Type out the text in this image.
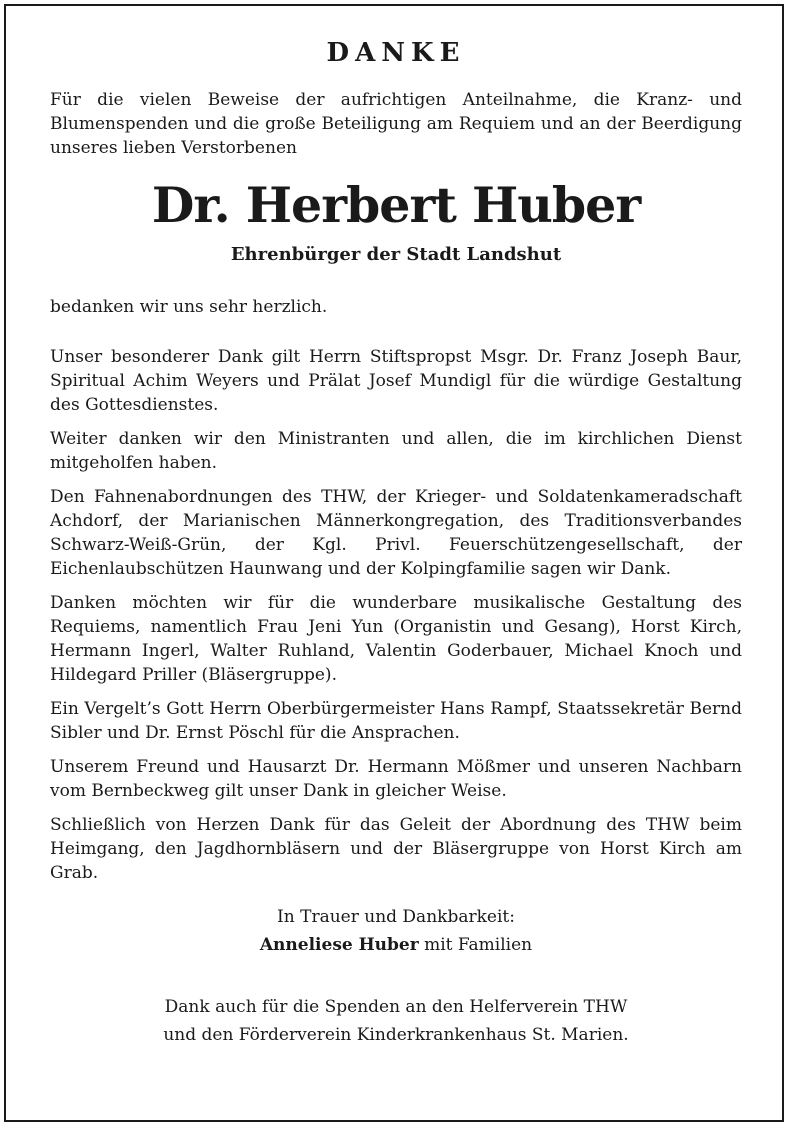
DANKE

Für die vielen Beweise der aufrichtigen Anteilnahme, die Kranz- und Blumenspenden und die große Beteiligung am Requiem und an der Beerdigung unseres lieben Verstorbenen

Dr. Herbert Huber
Ehrenbürger der Stadt Landshut

bedanken wir uns sehr herzlich.

Unser besonderer Dank gilt Herrn Stiftspropst Msgr. Dr. Franz Joseph Baur, Spiritual Achim Weyers und Prälat Josef Mundigl für die würdige Gestaltung des Gottesdienstes.

Weiter danken wir den Ministranten und allen, die im kirchlichen Dienst mitgeholfen haben.

Den Fahnenabordnungen des THW, der Krieger- und Soldatenkameradschaft Achdorf, der Marianischen Männerkongregation, des Traditionsverbandes Schwarz-Weiß-Grün, der Kgl. Privl. Feuerschützengesellschaft, der Eichenlaubschützen Haunwang und der Kolpingfamilie sagen wir Dank.

Danken möchten wir für die wunderbare musikalische Gestaltung des Requiems, namentlich Frau Jeni Yun (Organistin und Gesang), Horst Kirch, Hermann Ingerl, Walter Ruhland, Valentin Goderbauer, Michael Knoch und Hildegard Priller (Bläsergruppe).

Ein Vergelt’s Gott Herrn Oberbürgermeister Hans Rampf, Staatssekretär Bernd Sibler und Dr. Ernst Pöschl für die Ansprachen.

Unserem Freund und Hausarzt Dr. Hermann Mößmer und unseren Nachbarn vom Bernbeckweg gilt unser Dank in gleicher Weise.

Schließlich von Herzen Dank für das Geleit der Abordnung des THW beim Heimgang, den Jagdhornbläsern und der Bläsergruppe von Horst Kirch am Grab.

In Trauer und Dankbarkeit:
Anneliese Huber mit Familien
Dank auch für die Spenden an den Helferverein THW
und den Förderverein Kinderkrankenhaus St. Marien.
